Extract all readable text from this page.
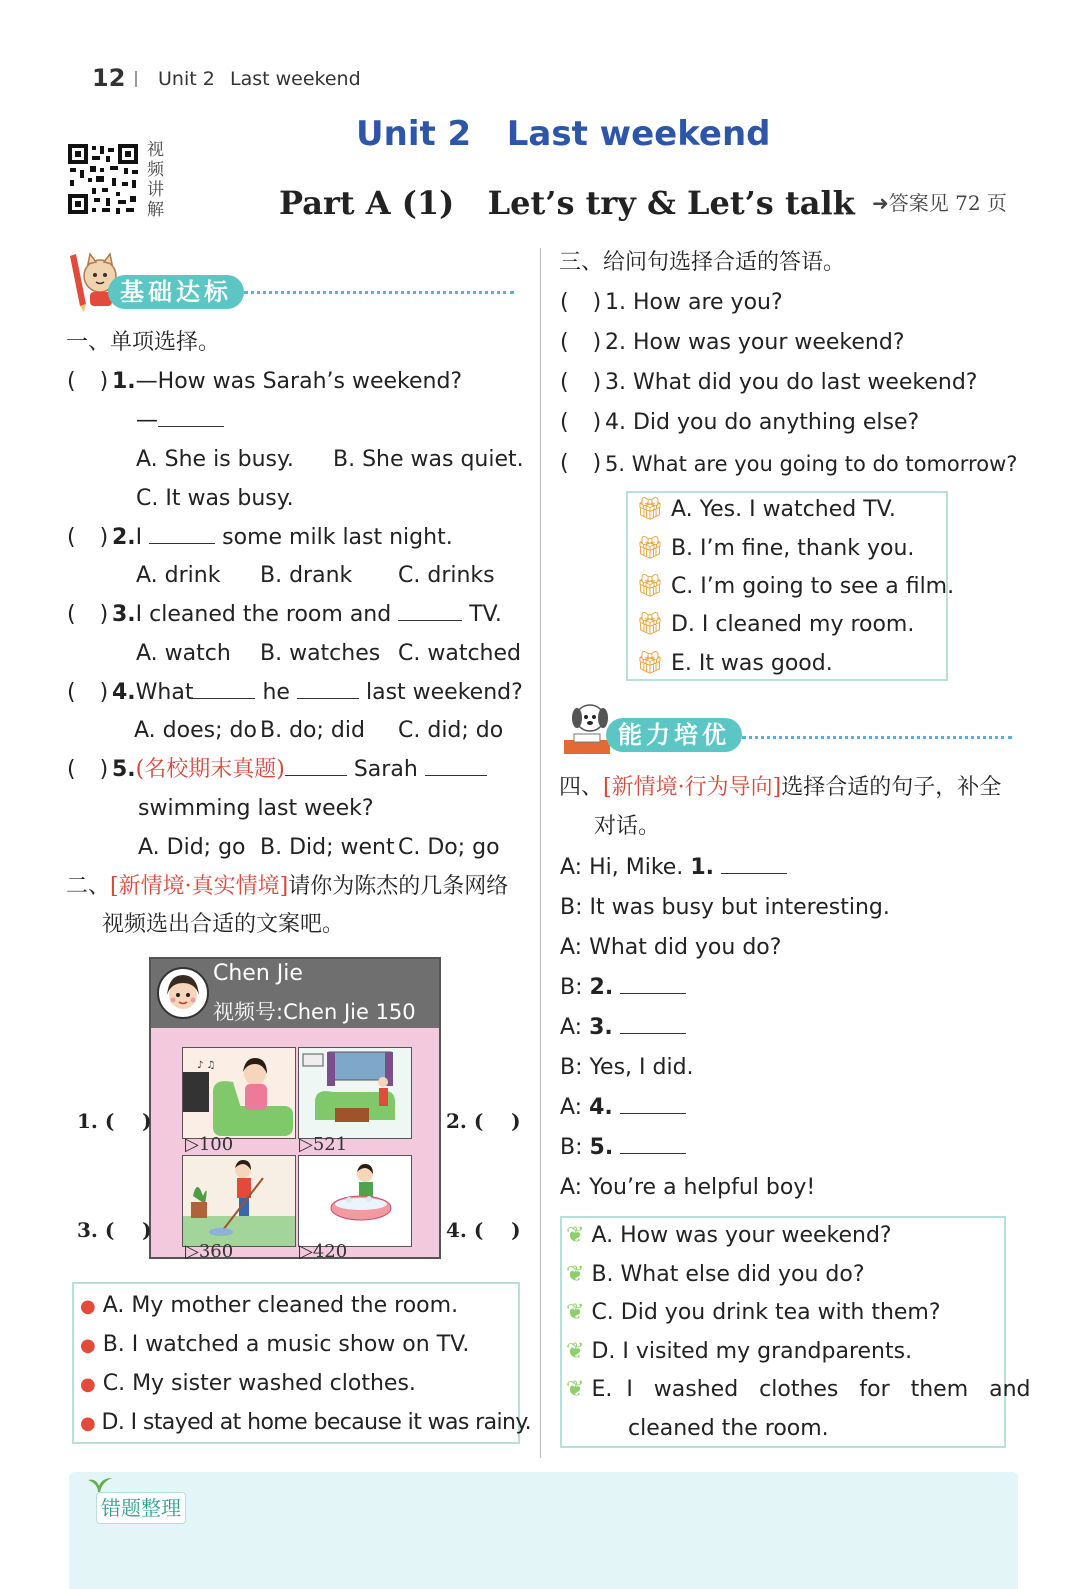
12 Unit 2 Last weekend
视频讲解
Unit 2   Last weekend
Part A (1)   Let’s try & Let’s talk ➜答案见 72 页
基础达标
一、单项选择。
( ) 1.—How was Sarah’s weekend?
—
A. She is busy. B. She was quiet.
C. It was busy.
( ) 2.I	some milk last night.
A. drink B. drank C. drinks
( ) 3.I cleaned the room and	TV.
A. watch B. watches C. watched
( ) 4.What	he	last weekend?
A. does; do B. do; did C. did; do
( ) 5.(名校期末真题)	Sarah
swimming last week?
A. Did; go B. Did; went C. Do; go
二、[新情境·真实情境]请你为陈杰的几条网络
视频选出合适的文案吧。
Chen Jie
视频号:Chen Jie 150
♪ ♫
▷100	▷521
▷360	▷420
1. (    )	2. (    )
3. (    )	4. (    )
● A. My mother cleaned the room.
● B. I watched a music show on TV.
● C. My sister washed clothes.
● D. I stayed at home because it was rainy.
三、给问句选择合适的答语。
( ) 1. How are you?
( ) 2. How was your weekend?
( ) 3. What did you do last weekend?
( ) 4. Did you do anything else?
( ) 5. What are you going to do tomorrow?
🎁︎ A. Yes. I watched TV.
🎁︎ B. I’m fine, thank you.
🎁︎ C. I’m going to see a film.
🎁︎ D. I cleaned my room.
🎁︎ E. It was good.
能力培优
四、[新情境·行为导向]选择合适的句子，补全
对话。
A: Hi, Mike. 1.
B: It was busy but interesting.
A: What did you do?
B: 2.
A: 3.
B: Yes, I did.
A: 4.
B: 5.
A: You’re a helpful boy!
❦ A. How was your weekend?
❦ B. What else did you do?
❦ C. Did you drink tea with them?
❦ D. I visited my grandparents.
❦ E.  I   washed   clothes   for   them   and
cleaned the room.
错题整理
